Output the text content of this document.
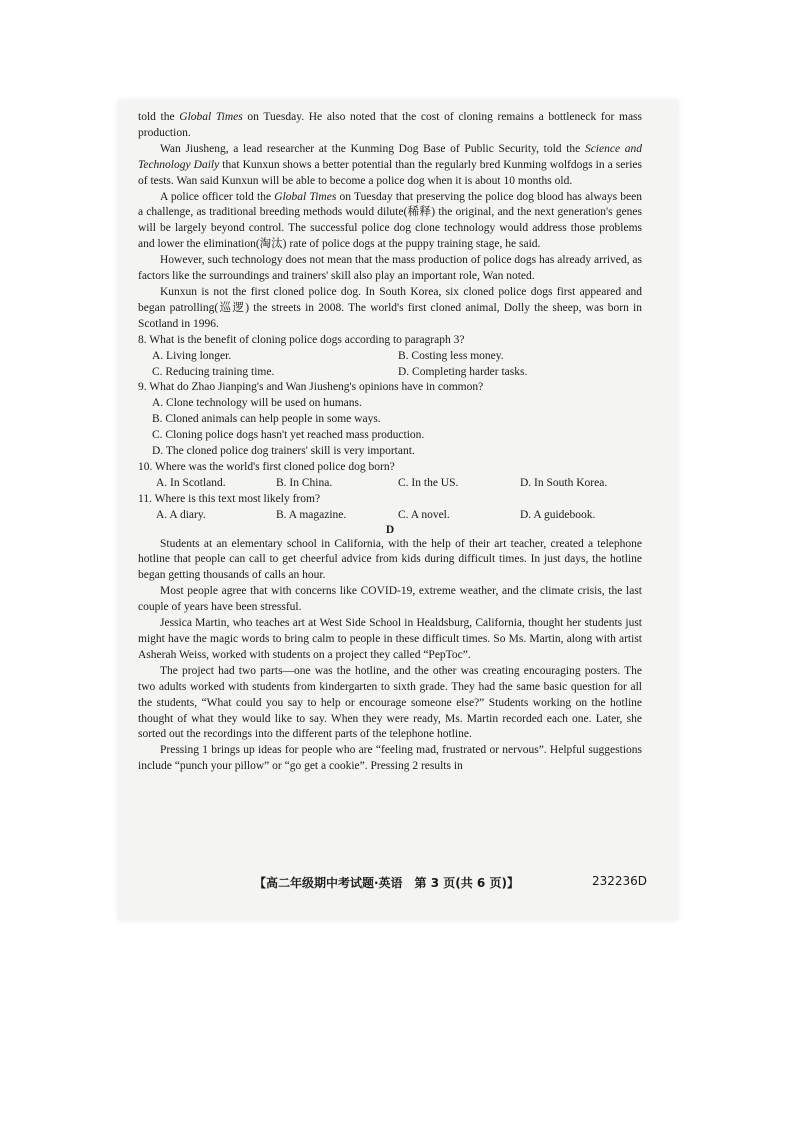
told the Global Times on Tuesday. He also noted that the cost of cloning remains a bottleneck for mass production.

Wan Jiusheng, a lead researcher at the Kunming Dog Base of Public Security, told the Science and Technology Daily that Kunxun shows a better potential than the regularly bred Kunming wolfdogs in a series of tests. Wan said Kunxun will be able to become a police dog when it is about 10 months old.

A police officer told the Global Times on Tuesday that preserving the police dog blood has always been a challenge, as traditional breeding methods would dilute(稀释) the original, and the next generation's genes will be largely beyond control. The successful police dog clone technology would address those problems and lower the elimination(淘汰) rate of police dogs at the puppy training stage, he said.

However, such technology does not mean that the mass production of police dogs has already arrived, as factors like the surroundings and trainers' skill also play an important role, Wan noted.

Kunxun is not the first cloned police dog. In South Korea, six cloned police dogs first appeared and began patrolling(巡逻) the streets in 2008. The world's first cloned animal, Dolly the sheep, was born in Scotland in 1996.

8. What is the benefit of cloning police dogs according to paragraph 3?

A. Living longer.	B. Costing less money.
C. Reducing training time.	D. Completing harder tasks.

9. What do Zhao Jianping's and Wan Jiusheng's opinions have in common?

A. Clone technology will be used on humans.
B. Cloned animals can help people in some ways.
C. Cloning police dogs hasn't yet reached mass production.
D. The cloned police dog trainers' skill is very important.

10. Where was the world's first cloned police dog born?

A. In Scotland.	B. In China.	C. In the US.	D. In South Korea.

11. Where is this text most likely from?

A. A diary.	B. A magazine.	C. A novel.	D. A guidebook.

D

Students at an elementary school in California, with the help of their art teacher, created a telephone hotline that people can call to get cheerful advice from kids during difficult times. In just days, the hotline began getting thousands of calls an hour.

Most people agree that with concerns like COVID-19, extreme weather, and the climate crisis, the last couple of years have been stressful.

Jessica Martin, who teaches art at West Side School in Healdsburg, California, thought her students just might have the magic words to bring calm to people in these difficult times. So Ms. Martin, along with artist Asherah Weiss, worked with students on a project they called “PepToc”.

The project had two parts—one was the hotline, and the other was creating encouraging posters. The two adults worked with students from kindergarten to sixth grade. They had the same basic question for all the students, “What could you say to help or encourage someone else?” Students working on the hotline thought of what they would like to say. When they were ready, Ms. Martin recorded each one. Later, she sorted out the recordings into the different parts of the telephone hotline.

Pressing 1 brings up ideas for people who are “feeling mad, frustrated or nervous”. Helpful suggestions include “punch your pillow” or “go get a cookie”. Pressing 2 results in

【高二年级期中考试题·英语　第 3 页(共 6 页)】	232236D
